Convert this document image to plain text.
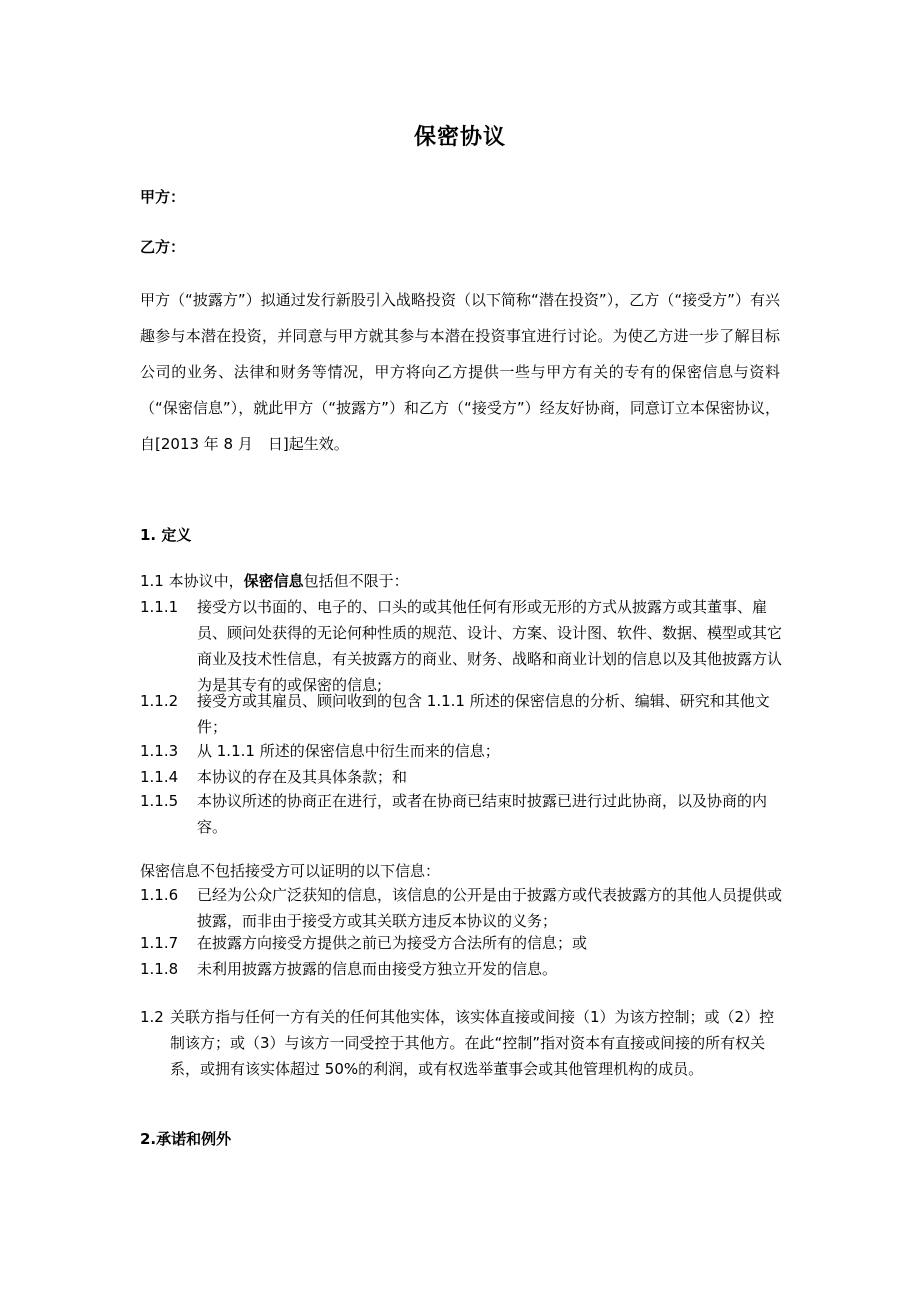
保密协议
甲方：
乙方：
甲方（“披露方”）拟通过发行新股引入战略投资（以下简称“潜在投资”），乙方（“接受方”）有兴趣参与本潜在投资，并同意与甲方就其参与本潜在投资事宜进行讨论。为使乙方进一步了解目标公司的业务、法律和财务等情况，甲方将向乙方提供一些与甲方有关的专有的保密信息与资料（“保密信息”），就此甲方（“披露方”）和乙方（“接受方”）经友好协商，同意订立本保密协议，自[2013 年 8 月　日]起生效。
1. 定义
1.1 本协议中，保密信息包括但不限于：
1.1.1 接受方以书面的、电子的、口头的或其他任何有形或无形的方式从披露方或其董事、雇员、顾问处获得的无论何种性质的规范、设计、方案、设计图、软件、数据、模型或其它商业及技术性信息，有关披露方的商业、财务、战略和商业计划的信息以及其他披露方认为是其专有的或保密的信息;
1.1.2 接受方或其雇员、顾问收到的包含 1.1.1 所述的保密信息的分析、编辑、研究和其他文件；
1.1.3 从 1.1.1 所述的保密信息中衍生而来的信息；
1.1.4 本协议的存在及其具体条款；和
1.1.5 本协议所述的协商正在进行，或者在协商已结束时披露已进行过此协商，以及协商的内容。
保密信息不包括接受方可以证明的以下信息：
1.1.6 已经为公众广泛获知的信息，该信息的公开是由于披露方或代表披露方的其他人员提供或披露，而非由于接受方或其关联方违反本协议的义务；
1.1.7 在披露方向接受方提供之前已为接受方合法所有的信息；或
1.1.8 未利用披露方披露的信息而由接受方独立开发的信息。
1.2 关联方指与任何一方有关的任何其他实体，该实体直接或间接（1）为该方控制；或（2）控制该方；或（3）与该方一同受控于其他方。在此“控制”指对资本有直接或间接的所有权关系，或拥有该实体超过 50%的利润，或有权选举董事会或其他管理机构的成员。
2.承诺和例外
